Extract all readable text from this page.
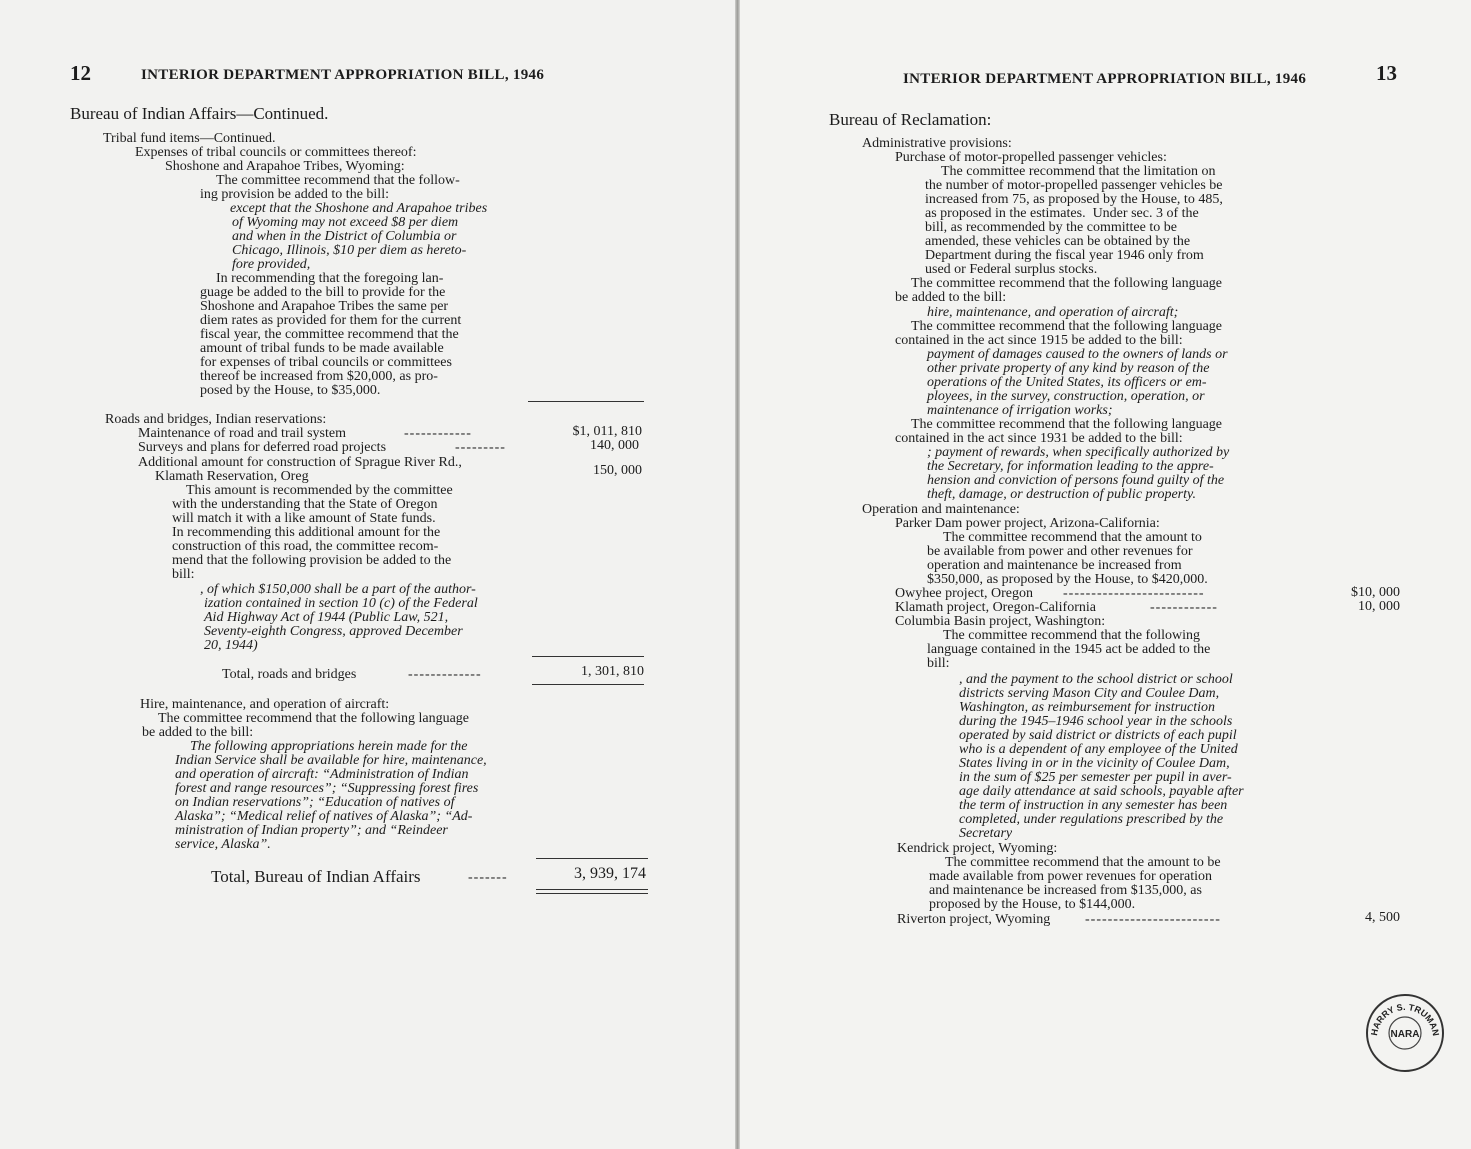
12	INTERIOR DEPARTMENT APPROPRIATION BILL, 1946
Bureau of Indian Affairs—Continued.
Tribal fund items—Continued.
Expenses of tribal councils or committees thereof:
Shoshone and Arapahoe Tribes, Wyoming:
The committee recommend that the follow-
ing provision be added to the bill:
except that the Shoshone and Arapahoe tribes
of Wyoming may not exceed $8 per diem
and when in the District of Columbia or
Chicago, Illinois, $10 per diem as hereto-
fore provided,
In recommending that the foregoing lan-
guage be added to the bill to provide for the
Shoshone and Arapahoe Tribes the same per
diem rates as provided for them for the current
fiscal year, the committee recommend that the
amount of tribal funds to be made available
for expenses of tribal councils or committees
thereof be increased from $20,000, as pro-
posed by the House, to $35,000.
Roads and bridges, Indian reservations:
Maintenance of road and trail system	------------	$1, 011, 810
Surveys and plans for deferred road projects	---------	140, 000
Additional amount for construction of Sprague River Rd.,
Klamath Reservation, Oreg	150, 000
This amount is recommended by the committee
with the understanding that the State of Oregon
will match it with a like amount of State funds.
In recommending this additional amount for the
construction of this road, the committee recom-
mend that the following provision be added to the
bill:
, of which $150,000 shall be a part of the author-
ization contained in section 10 (c) of the Federal
Aid Highway Act of 1944 (Public Law, 521,
Seventy-eighth Congress, approved December
20, 1944)
Total, roads and bridges	-------------	1, 301, 810
Hire, maintenance, and operation of aircraft:
The committee recommend that the following language
be added to the bill:
The following appropriations herein made for the
Indian Service shall be available for hire, maintenance,
and operation of aircraft: “Administration of Indian
forest and range resources”; “Suppressing forest fires
on Indian reservations”; “Education of natives of
Alaska”; “Medical relief of natives of Alaska”; “Ad-
ministration of Indian property”; and “Reindeer
service, Alaska”.
Total, Bureau of Indian Affairs	-------	3, 939, 174
INTERIOR DEPARTMENT APPROPRIATION BILL, 1946	13
Bureau of Reclamation:
Administrative provisions:
Purchase of motor-propelled passenger vehicles:
The committee recommend that the limitation on
the number of motor-propelled passenger vehicles be
increased from 75, as proposed by the House, to 485,
as proposed in the estimates.  Under sec. 3 of the
bill, as recommended by the committee to be
amended, these vehicles can be obtained by the
Department during the fiscal year 1946 only from
used or Federal surplus stocks.
The committee recommend that the following language
be added to the bill:
hire, maintenance, and operation of aircraft;
The committee recommend that the following language
contained in the act since 1915 be added to the bill:
payment of damages caused to the owners of lands or
other private property of any kind by reason of the
operations of the United States, its officers or em-
ployees, in the survey, construction, operation, or
maintenance of irrigation works;
The committee recommend that the following language
contained in the act since 1931 be added to the bill:
; payment of rewards, when specifically authorized by
the Secretary, for information leading to the appre-
hension and conviction of persons found guilty of the
theft, damage, or destruction of public property.
Operation and maintenance:
Parker Dam power project, Arizona-California:
The committee recommend that the amount to
be available from power and other revenues for
operation and maintenance be increased from
$350,000, as proposed by the House, to $420,000.
Owyhee project, Oregon -------------------------	$10, 000
Klamath project, Oregon-California	------------	10, 000
Columbia Basin project, Washington:
The committee recommend that the following
language contained in the 1945 act be added to the
bill:
, and the payment to the school district or school
districts serving Mason City and Coulee Dam,
Washington, as reimbursement for instruction
during the 1945–1946 school year in the schools
operated by said district or districts of each pupil
who is a dependent of any employee of the United
States living in or in the vicinity of Coulee Dam,
in the sum of $25 per semester per pupil in aver-
age daily attendance at said schools, payable after
the term of instruction in any semester has been
completed, under regulations prescribed by the
Secretary
Kendrick project, Wyoming:
The committee recommend that the amount to be
made available from power revenues for operation
and maintenance be increased from $135,000, as
proposed by the House, to $144,000.
Riverton project, Wyoming ------------------------	4, 500
HARRY S. TRUMAN
NARA
